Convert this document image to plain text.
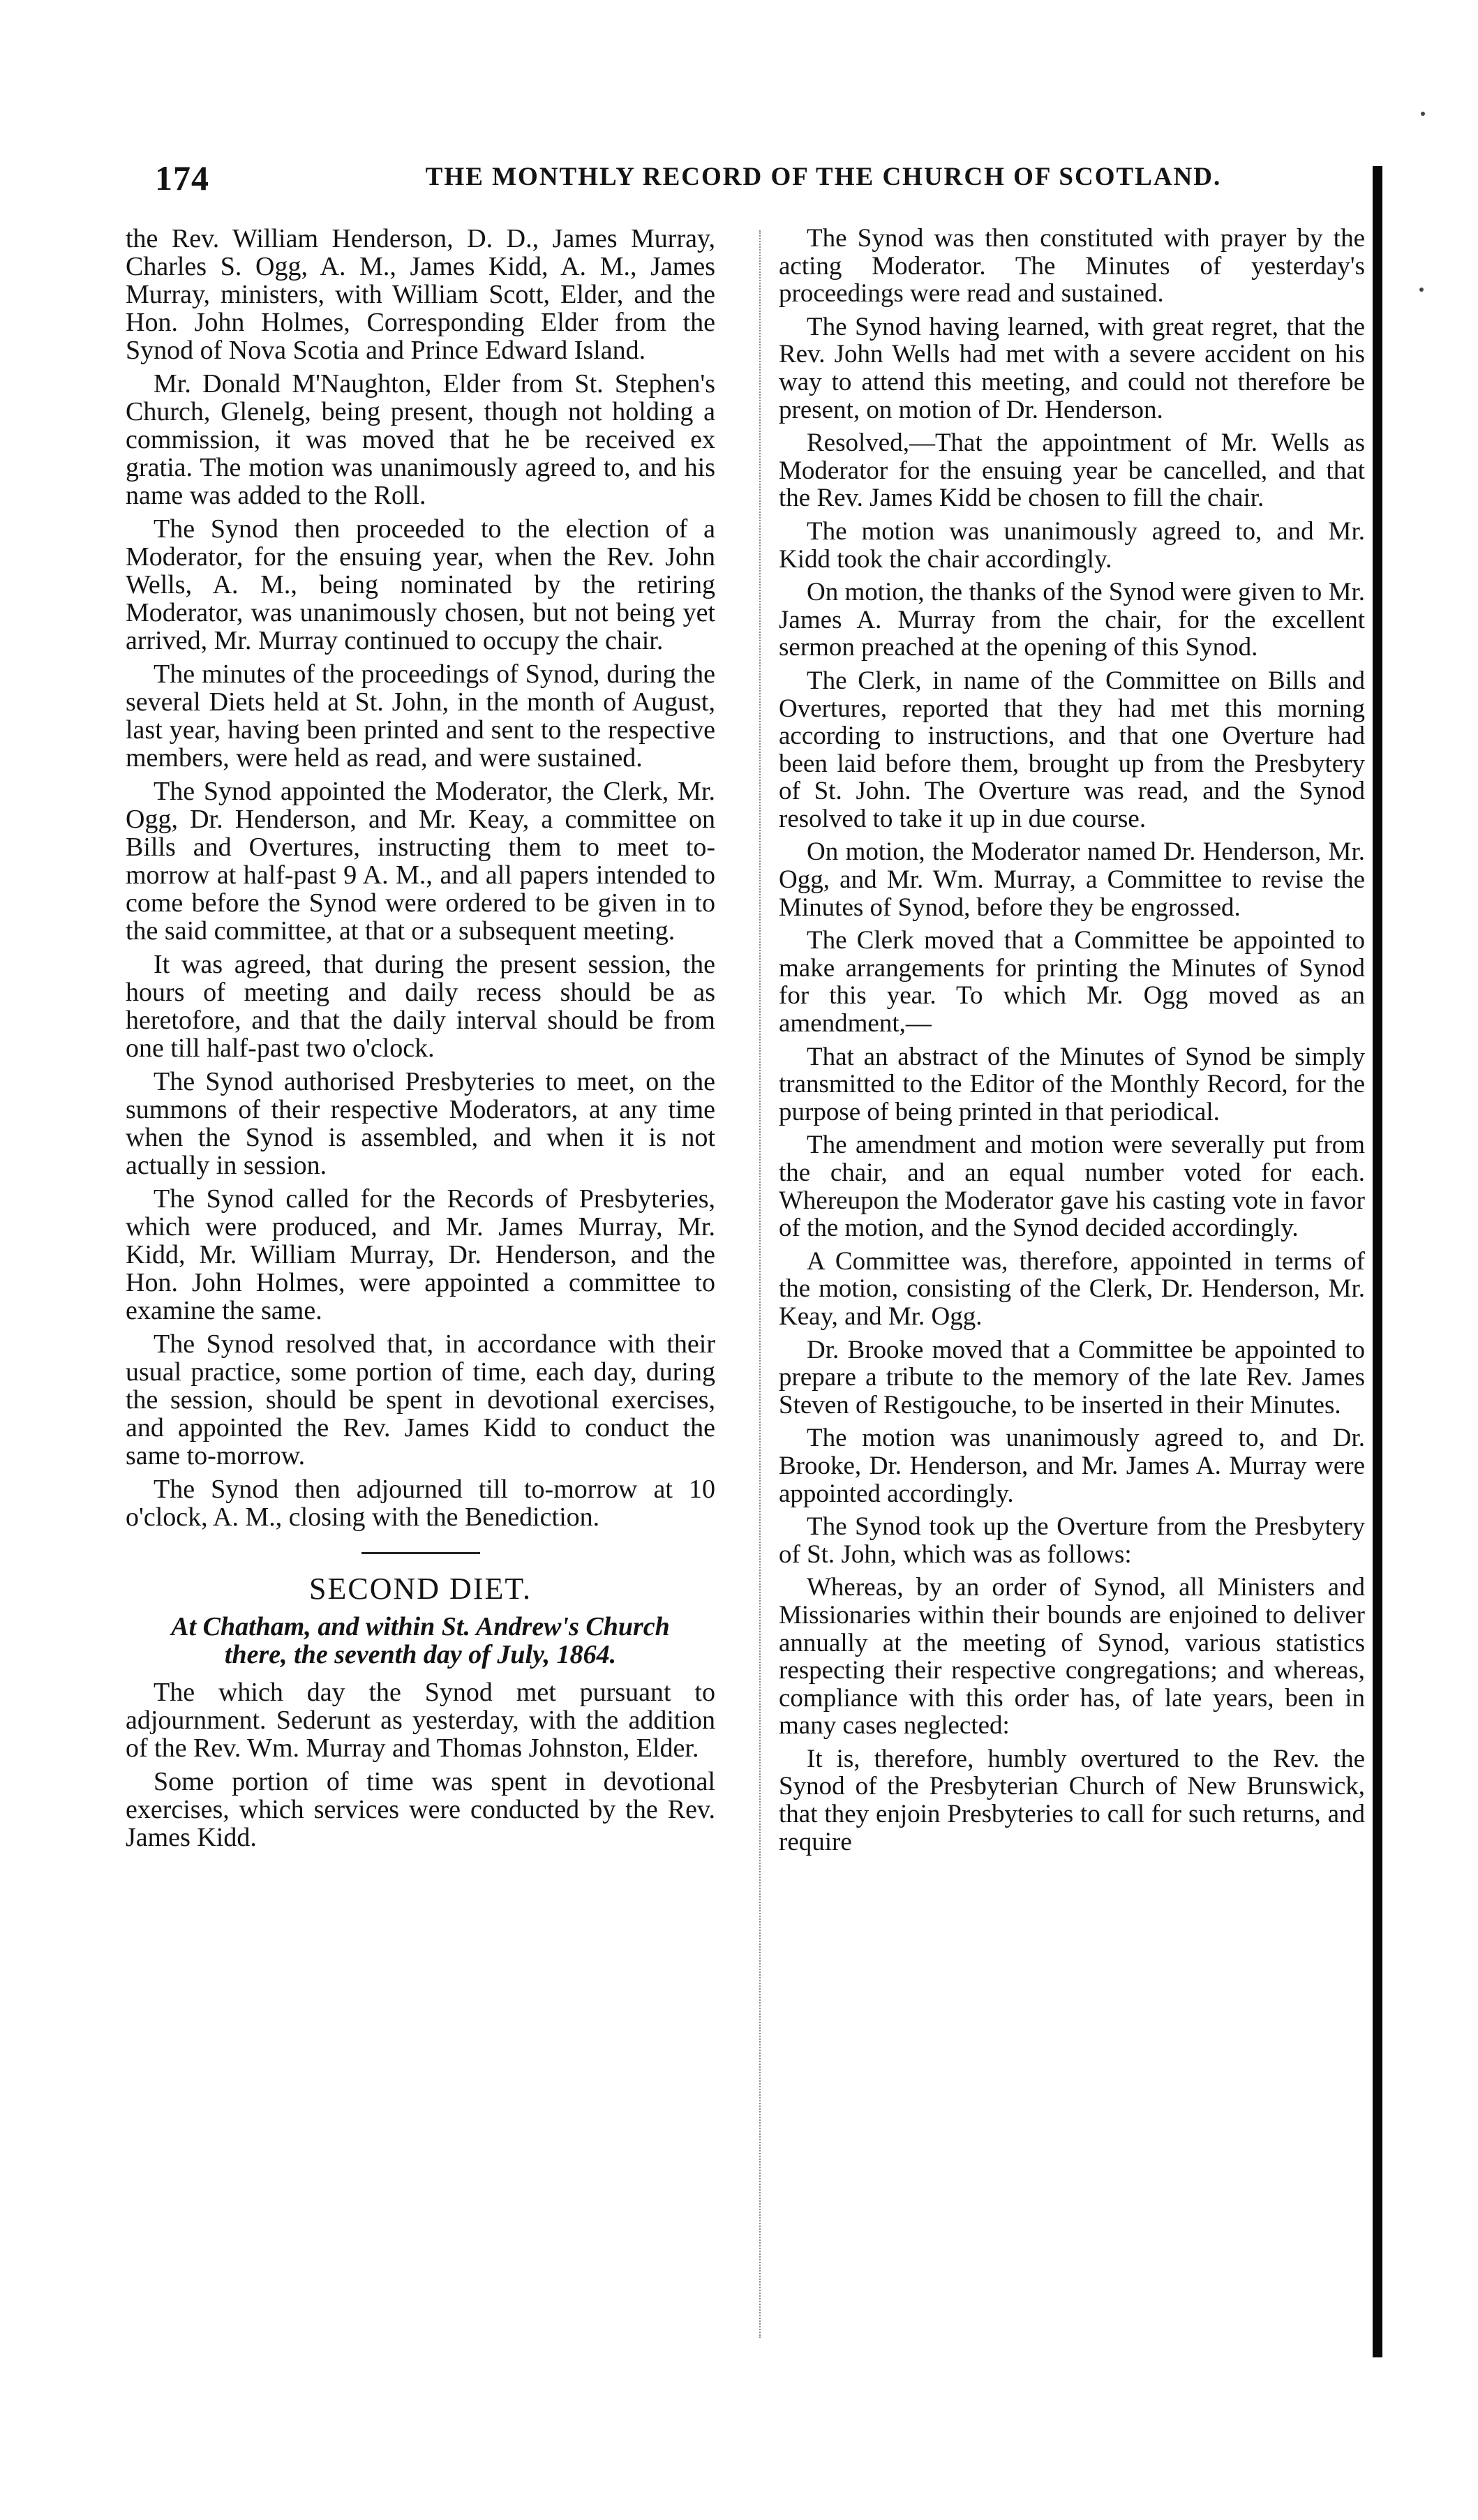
174	THE MONTHLY RECORD OF THE CHURCH OF SCOTLAND.

the Rev. William Henderson, D. D., James Murray, Charles S. Ogg, A. M., James Kidd, A. M., James Murray, ministers, with William Scott, Elder, and the Hon. John Holmes, Corresponding Elder from the Synod of Nova Scotia and Prince Edward Island.

Mr. Donald M'Naughton, Elder from St. Stephen's Church, Glenelg, being present, though not holding a commission, it was moved that he be received ex gratia. The motion was unanimously agreed to, and his name was added to the Roll.

The Synod then proceeded to the election of a Moderator, for the ensuing year, when the Rev. John Wells, A. M., being nominated by the retiring Moderator, was unanimously chosen, but not being yet arrived, Mr. Murray continued to occupy the chair.

The minutes of the proceedings of Synod, during the several Diets held at St. John, in the month of August, last year, having been printed and sent to the respective members, were held as read, and were sustained.

The Synod appointed the Moderator, the Clerk, Mr. Ogg, Dr. Henderson, and Mr. Keay, a committee on Bills and Overtures, instructing them to meet to-morrow at half-past 9 A. M., and all papers intended to come before the Synod were ordered to be given in to the said committee, at that or a subsequent meeting.

It was agreed, that during the present session, the hours of meeting and daily recess should be as heretofore, and that the daily interval should be from one till half-past two o'clock.

The Synod authorised Presbyteries to meet, on the summons of their respective Moderators, at any time when the Synod is assembled, and when it is not actually in session.

The Synod called for the Records of Presbyteries, which were produced, and Mr. James Murray, Mr. Kidd, Mr. William Murray, Dr. Henderson, and the Hon. John Holmes, were appointed a committee to examine the same.

The Synod resolved that, in accordance with their usual practice, some portion of time, each day, during the session, should be spent in devotional exercises, and appointed the Rev. James Kidd to conduct the same to-morrow.

The Synod then adjourned till to-morrow at 10 o'clock, A. M., closing with the Benediction.

SECOND DIET.
At Chatham, and within St. Andrew's Church there, the seventh day of July, 1864.

The which day the Synod met pursuant to adjournment. Sederunt as yesterday, with the addition of the Rev. Wm. Murray and Thomas Johnston, Elder.

Some portion of time was spent in devotional exercises, which services were conducted by the Rev. James Kidd.

The Synod was then constituted with prayer by the acting Moderator. The Minutes of yesterday's proceedings were read and sustained.

The Synod having learned, with great regret, that the Rev. John Wells had met with a severe accident on his way to attend this meeting, and could not therefore be present, on motion of Dr. Henderson.

Resolved,—That the appointment of Mr. Wells as Moderator for the ensuing year be cancelled, and that the Rev. James Kidd be chosen to fill the chair.

The motion was unanimously agreed to, and Mr. Kidd took the chair accordingly.

On motion, the thanks of the Synod were given to Mr. James A. Murray from the chair, for the excellent sermon preached at the opening of this Synod.

The Clerk, in name of the Committee on Bills and Overtures, reported that they had met this morning according to instructions, and that one Overture had been laid before them, brought up from the Presbytery of St. John. The Overture was read, and the Synod resolved to take it up in due course.

On motion, the Moderator named Dr. Henderson, Mr. Ogg, and Mr. Wm. Murray, a Committee to revise the Minutes of Synod, before they be engrossed.

The Clerk moved that a Committee be appointed to make arrangements for printing the Minutes of Synod for this year. To which Mr. Ogg moved as an amendment,—

That an abstract of the Minutes of Synod be simply transmitted to the Editor of the Monthly Record, for the purpose of being printed in that periodical.

The amendment and motion were severally put from the chair, and an equal number voted for each. Whereupon the Moderator gave his casting vote in favor of the motion, and the Synod decided accordingly.

A Committee was, therefore, appointed in terms of the motion, consisting of the Clerk, Dr. Henderson, Mr. Keay, and Mr. Ogg.

Dr. Brooke moved that a Committee be appointed to prepare a tribute to the memory of the late Rev. James Steven of Restigouche, to be inserted in their Minutes.

The motion was unanimously agreed to, and Dr. Brooke, Dr. Henderson, and Mr. James A. Murray were appointed accordingly.

The Synod took up the Overture from the Presbytery of St. John, which was as follows:

Whereas, by an order of Synod, all Ministers and Missionaries within their bounds are enjoined to deliver annually at the meeting of Synod, various statistics respecting their respective congregations; and whereas, compliance with this order has, of late years, been in many cases neglected:

It is, therefore, humbly overtured to the Rev. the Synod of the Presbyterian Church of New Brunswick, that they enjoin Presbyteries to call for such returns, and require
